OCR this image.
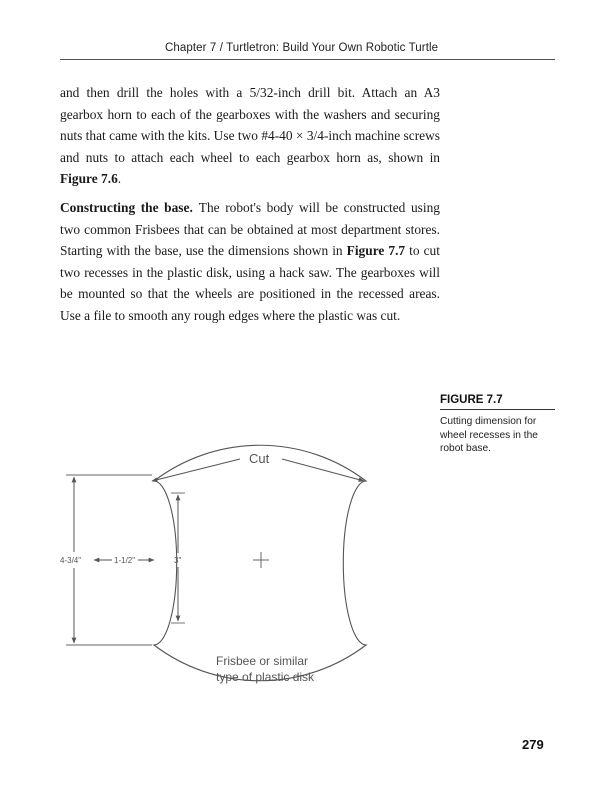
Chapter 7 / Turtletron: Build Your Own Robotic Turtle

and then drill the holes with a 5/32-inch drill bit. Attach an A3 gearbox horn to each of the gearboxes with the washers and securing nuts that came with the kits. Use two #4-40 × 3/4-inch machine screws and nuts to attach each wheel to each gearbox horn as, shown in Figure 7.6.

Constructing the base. The robot's body will be constructed using two common Frisbees that can be obtained at most department stores. Starting with the base, use the dimensions shown in Figure 7.7 to cut two recesses in the plastic disk, using a hack saw. The gearboxes will be mounted so that the wheels are positioned in the recessed areas. Use a file to smooth any rough edges where the plastic was cut.

FIGURE 7.7
Cutting dimension for wheel recesses in the robot base.
Cut
4-3/4"	1-1/2"	3"
Frisbee or similar
type of plastic disk
279
